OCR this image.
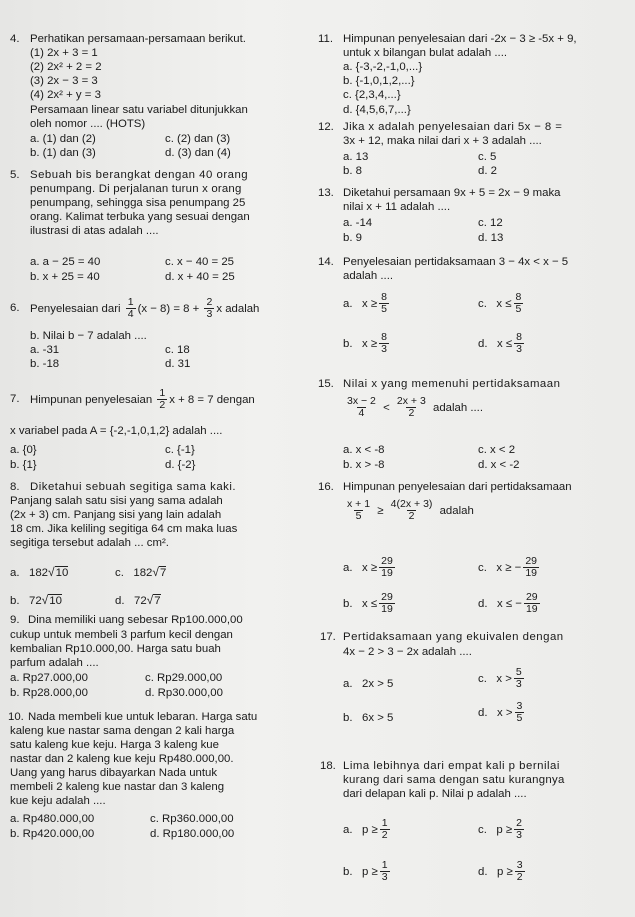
4. Perhatikan persamaan-persamaan berikut.
(1) 2x + 3 = 1
(2) 2x² + 2 = 2
(3) 2x − 3 = 3
(4) 2x² + y = 3
Persamaan linear satu variabel ditunjukkan
oleh nomor .... (HOTS)
a. (1) dan (2)	c. (2) dan (3)
b. (1) dan (3)	d. (3) dan (4)
5. Sebuah bis berangkat dengan 40 orang
penumpang. Di perjalanan turun x orang
penumpang, sehingga sisa penumpang 25
orang. Kalimat terbuka yang sesuai dengan
ilustrasi di atas adalah ....
a. a − 25 = 40	c. x − 40 = 25
b. x + 25 = 40	d. x + 40 = 25
6. Penyelesaian dari $\frac{1}{4} (x - 8) = 8 + \frac{2}{3}$ x adalah
b. Nilai b − 7 adalah ....
a. -31	c. 18
b. -18	d. 31
7. Himpunan penyelesaian $\frac{1}{2}$ x + 8 = 7 dengan
x variabel pada A = {-2,-1,0,1,2} adalah ....
a. {0}	c. {-1}
b. {1}	d. {-2}
8. Diketahui sebuah segitiga sama kaki.
Panjang salah satu sisi yang sama adalah
(2x + 3) cm. Panjang sisi yang lain adalah
18 cm. Jika keliling segitiga 64 cm maka luas
segitiga tersebut adalah ... cm².
a. 182√10	c. 182√7
b. 72√10	d. 72√7
9. Dina memiliki uang sebesar Rp100.000,00
cukup untuk membeli 3 parfum kecil dengan
kembalian Rp10.000,00. Harga satu buah
parfum adalah ....
a. Rp27.000,00	c. Rp29.000,00
b. Rp28.000,00	d. Rp30.000,00
10. Nada membeli kue untuk lebaran. Harga satu
kaleng kue nastar sama dengan 2 kali harga
satu kaleng kue keju. Harga 3 kaleng kue
nastar dan 2 kaleng kue keju Rp480.000,00.
Uang yang harus dibayarkan Nada untuk
membeli 2 kaleng kue nastar dan 3 kaleng
kue keju adalah ....
a. Rp480.000,00	c. Rp360.000,00
b. Rp420.000,00	d. Rp180.000,00
11. Himpunan penyelesaian dari -2x − 3 ≥ -5x + 9,
untuk x bilangan bulat adalah ....
a. {-3,-2,-1,0,...}
b. {-1,0,1,2,...}
c. {2,3,4,...}
d. {4,5,6,7,...}
12. Jika x adalah penyelesaian dari 5x − 8 =
3x + 12, maka nilai dari x + 3 adalah ....
a. 13	c. 5
b. 8	d. 2
13. Diketahui persamaan 9x + 5 = 2x − 9 maka
nilai x + 11 adalah ....
a. -14	c. 12
b. 9	d. 13
14. Penyelesaian pertidaksamaan 3 − 4x < x − 5
adalah ....
a. $x \ge \frac{8}{5}$	c. $x \le \frac{8}{5}$
b. $x \ge \frac{8}{3}$	d. $x \le \frac{8}{3}$
15. Nilai x yang memenuhi pertidaksamaan
$\frac{3x - 2}{4} < \frac{2x + 3}{2}$ adalah ....
a. x < -8	c. x < 2
b. x > -8	d. x < -2
16. Himpunan penyelesaian dari pertidaksamaan
$\frac{x + 1}{5} \ge \frac{4(2x + 3)}{2}$ adalah
a. $x \ge \frac{29}{19}$	c. x ≥ − $\frac{29}{19}$
b. $x \le \frac{29}{19}$	d. x ≤ − $\frac{29}{19}$
17. Pertidaksamaan yang ekuivalen dengan
4x − 2 > 3 − 2x adalah ....
a. 2x > 5	c. $x > \frac{5}{3}$
b. 6x > 5	d. $x > \frac{3}{5}$
18. Lima lebihnya dari empat kali p bernilai
kurang dari sama dengan satu kurangnya
dari delapan kali p. Nilai p adalah ....
a. $p \ge \frac{1}{2}$	c. $p \ge \frac{2}{3}$
b. $p \ge \frac{1}{3}$	d. $p \ge \frac{3}{2}$
